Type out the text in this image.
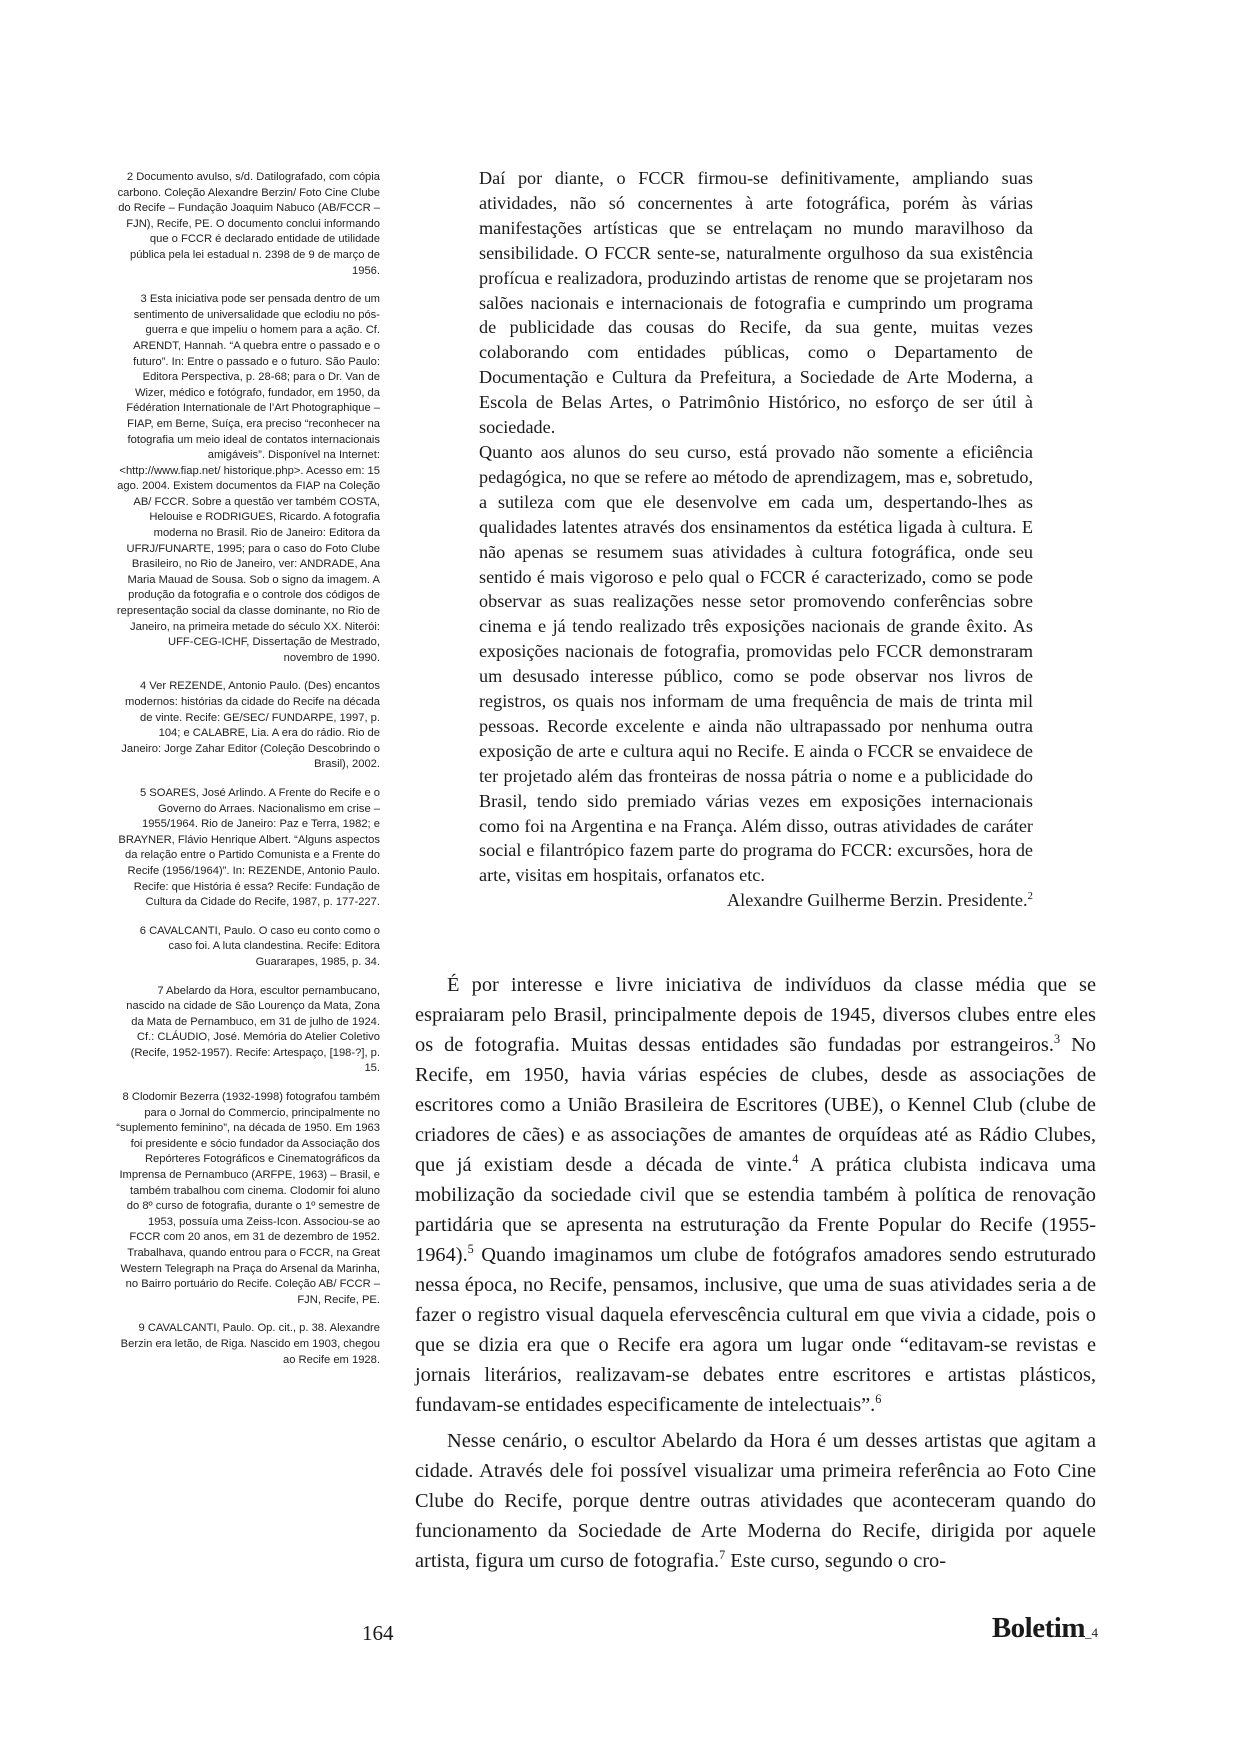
2 Documento avulso, s/d. Datilografado, com cópia carbono. Coleção Alexandre Berzin/ Foto Cine Clube do Recife – Fundação Joaquim Nabuco (AB/FCCR – FJN), Recife, PE. O documento conclui informando que o FCCR é declarado entidade de utilidade pública pela lei estadual n. 2398 de 9 de março de 1956.

3 Esta iniciativa pode ser pensada dentro de um sentimento de universalidade que eclodiu no pós-guerra e que impeliu o homem para a ação. Cf. ARENDT, Hannah. “A quebra entre o passado e o futuro”. In: Entre o passado e o futuro. São Paulo: Editora Perspectiva, p. 28-68; para o Dr. Van de Wizer, médico e fotógrafo, fundador, em 1950, da Fédération Internationale de l’Art Photographique – FIAP, em Berne, Suíça, era preciso “reconhecer na fotografia um meio ideal de contatos internacionais amigáveis”. Disponível na Internet: <http://www.fiap.net/ historique.php>. Acesso em: 15 ago. 2004. Existem documentos da FIAP na Coleção AB/ FCCR. Sobre a questão ver também COSTA, Helouise e RODRIGUES, Ricardo. A fotografia moderna no Brasil. Rio de Janeiro: Editora da UFRJ/FUNARTE, 1995; para o caso do Foto Clube Brasileiro, no Rio de Janeiro, ver: ANDRADE, Ana Maria Mauad de Sousa. Sob o signo da imagem. A produção da fotografia e o controle dos códigos de representação social da classe dominante, no Rio de Janeiro, na primeira metade do século XX. Niterói: UFF-CEG-ICHF, Dissertação de Mestrado, novembro de 1990.

4 Ver REZENDE, Antonio Paulo. (Des) encantos modernos: histórias da cidade do Recife na década de vinte. Recife: GE/SEC/ FUNDARPE, 1997, p. 104; e CALABRE, Lia. A era do rádio. Rio de Janeiro: Jorge Zahar Editor (Coleção Descobrindo o Brasil), 2002.

5 SOARES, José Arlindo. A Frente do Recife e o Governo do Arraes. Nacionalismo em crise – 1955/1964. Rio de Janeiro: Paz e Terra, 1982; e BRAYNER, Flávio Henrique Albert. “Alguns aspectos da relação entre o Partido Comunista e a Frente do Recife (1956/1964)”. In: REZENDE, Antonio Paulo. Recife: que História é essa? Recife: Fundação de Cultura da Cidade do Recife, 1987, p. 177-227.

6 CAVALCANTI, Paulo. O caso eu conto como o caso foi. A luta clandestina. Recife: Editora Guararapes, 1985, p. 34.

7 Abelardo da Hora, escultor pernambucano, nascido na cidade de São Lourenço da Mata, Zona da Mata de Pernambuco, em 31 de julho de 1924. Cf.: CLÁUDIO, José. Memória do Atelier Coletivo (Recife, 1952-1957). Recife: Artespaço, [198-?], p. 15.

8 Clodomir Bezerra (1932-1998) fotografou também para o Jornal do Commercio, principalmente no “suplemento feminino”, na década de 1950. Em 1963 foi presidente e sócio fundador da Associação dos Repórteres Fotográficos e Cinematográficos da Imprensa de Pernambuco (ARFPE, 1963) – Brasil, e também trabalhou com cinema. Clodomir foi aluno do 8º curso de fotografia, durante o 1º semestre de 1953, possuía uma Zeiss-Icon. Associou-se ao FCCR com 20 anos, em 31 de dezembro de 1952. Trabalhava, quando entrou para o FCCR, na Great Western Telegraph na Praça do Arsenal da Marinha, no Bairro portuário do Recife. Coleção AB/ FCCR – FJN, Recife, PE.

9 CAVALCANTI, Paulo. Op. cit., p. 38. Alexandre Berzin era letão, de Riga. Nascido em 1903, chegou ao Recife em 1928.

Daí por diante, o FCCR firmou-se definitivamente, ampliando suas atividades, não só concernentes à arte fotográfica, porém às várias manifestações artísticas que se entrelaçam no mundo maravilhoso da sensibilidade. O FCCR sente-se, naturalmente orgulhoso da sua existência profícua e realizadora, produzindo artistas de renome que se projetaram nos salões nacionais e internacionais de fotografia e cumprindo um programa de publicidade das cousas do Recife, da sua gente, muitas vezes colaborando com entidades públicas, como o Departamento de Documentação e Cultura da Prefeitura, a Sociedade de Arte Moderna, a Escola de Belas Artes, o Patrimônio Histórico, no esforço de ser útil à sociedade.

Quanto aos alunos do seu curso, está provado não somente a eficiência pedagógica, no que se refere ao método de aprendizagem, mas e, sobretudo, a sutileza com que ele desenvolve em cada um, despertando-lhes as qualidades latentes através dos ensinamentos da estética ligada à cultura. E não apenas se resumem suas atividades à cultura fotográfica, onde seu sentido é mais vigoroso e pelo qual o FCCR é caracterizado, como se pode observar as suas realizações nesse setor promovendo conferências sobre cinema e já tendo realizado três exposições nacionais de grande êxito. As exposições nacionais de fotografia, promovidas pelo FCCR demonstraram um desusado interesse público, como se pode observar nos livros de registros, os quais nos informam de uma frequência de mais de trinta mil pessoas. Recorde excelente e ainda não ultrapassado por nenhuma outra exposição de arte e cultura aqui no Recife. E ainda o FCCR se envaidece de ter projetado além das fronteiras de nossa pátria o nome e a publicidade do Brasil, tendo sido premiado várias vezes em exposições internacionais como foi na Argentina e na França. Além disso, outras atividades de caráter social e filantrópico fazem parte do programa do FCCR: excursões, hora de arte, visitas em hospitais, orfanatos etc.

Alexandre Guilherme Berzin. Presidente.$^2$

É por interesse e livre iniciativa de indivíduos da classe média que se espraiaram pelo Brasil, principalmente depois de 1945, diversos clubes entre eles os de fotografia. Muitas dessas entidades são fundadas por estrangeiros.$^3$ No Recife, em 1950, havia várias espécies de clubes, desde as associações de escritores como a União Brasileira de Escritores (UBE), o Kennel Club (clube de criadores de cães) e as associações de amantes de orquídeas até as Rádio Clubes, que já existiam desde a década de vinte.$^4$ A prática clubista indicava uma mobilização da sociedade civil que se estendia também à política de renovação partidária que se apresenta na estruturação da Frente Popular do Recife (1955-1964).$^5$ Quando imaginamos um clube de fotógrafos amadores sendo estruturado nessa época, no Recife, pensamos, inclusive, que uma de suas atividades seria a de fazer o registro visual daquela efervescência cultural em que vivia a cidade, pois o que se dizia era que o Recife era agora um lugar onde “editavam-se revistas e jornais literários, realizavam-se debates entre escritores e artistas plásticos, fundavam-se entidades especificamente de intelectuais”.$^6$

Nesse cenário, o escultor Abelardo da Hora é um desses artistas que agitam a cidade. Através dele foi possível visualizar uma primeira referência ao Foto Cine Clube do Recife, porque dentre outras atividades que aconteceram quando do funcionamento da Sociedade de Arte Moderna do Recife, dirigida por aquele artista, figura um curso de fotografia.$^7$ Este curso, segundo o cro-

164	Boletim_4
